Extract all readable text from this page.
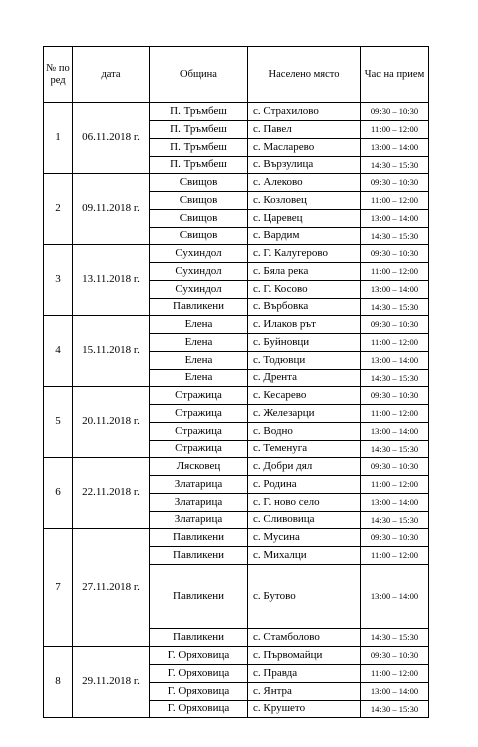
№ по ред	дата	Община	Населено място	Час на прием
1	06.11.2018 г.	П. Тръмбеш	с. Страхилово	09:30 – 10:30
		П. Тръмбеш	с. Павел	11:00 – 12:00
		П. Тръмбеш	с. Масларево	13:00 – 14:00
		П. Тръмбеш	с. Вързулица	14:30 – 15:30
2	09.11.2018 г.	Свищов	с. Алеково	09:30 – 10:30
		Свищов	с. Козловец	11:00 – 12:00
		Свищов	с. Царевец	13:00 – 14:00
		Свищов	с. Вардим	14:30 – 15:30
3	13.11.2018 г.	Сухиндол	с. Г. Калугерово	09:30 – 10:30
		Сухиндол	с. Бяла река	11:00 – 12:00
		Сухиндол	с. Г. Косово	13:00 – 14:00
		Павликени	с. Върбовка	14:30 – 15:30
4	15.11.2018 г.	Елена	с. Илаков рът	09:30 – 10:30
		Елена	с. Буйновци	11:00 – 12:00
		Елена	с. Тодювци	13:00 – 14:00
		Елена	с. Дрента	14:30 – 15:30
5	20.11.2018 г.	Стражица	с. Кесарево	09:30 – 10:30
		Стражица	с. Железарци	11:00 – 12:00
		Стражица	с. Водно	13:00 – 14:00
		Стражица	с. Теменуга	14:30 – 15:30
6	22.11.2018 г.	Лясковец	с. Добри дял	09:30 – 10:30
		Златарица	с. Родина	11:00 – 12:00
		Златарица	с. Г. ново село	13:00 – 14:00
		Златарица	с. Сливовица	14:30 – 15:30
7	27.11.2018 г.	Павликени	с. Мусина	09:30 – 10:30
		Павликени	с. Михалци	11:00 – 12:00
		Павликени	с. Бутово	13:00 – 14:00
		Павликени	с. Стамболово	14:30 – 15:30
8	29.11.2018 г.	Г. Оряховица	с. Първомайци	09:30 – 10:30
		Г. Оряховица	с. Правда	11:00 – 12:00
		Г. Оряховица	с. Янтра	13:00 – 14:00
		Г. Оряховица	с. Крушето	14:30 – 15:30
